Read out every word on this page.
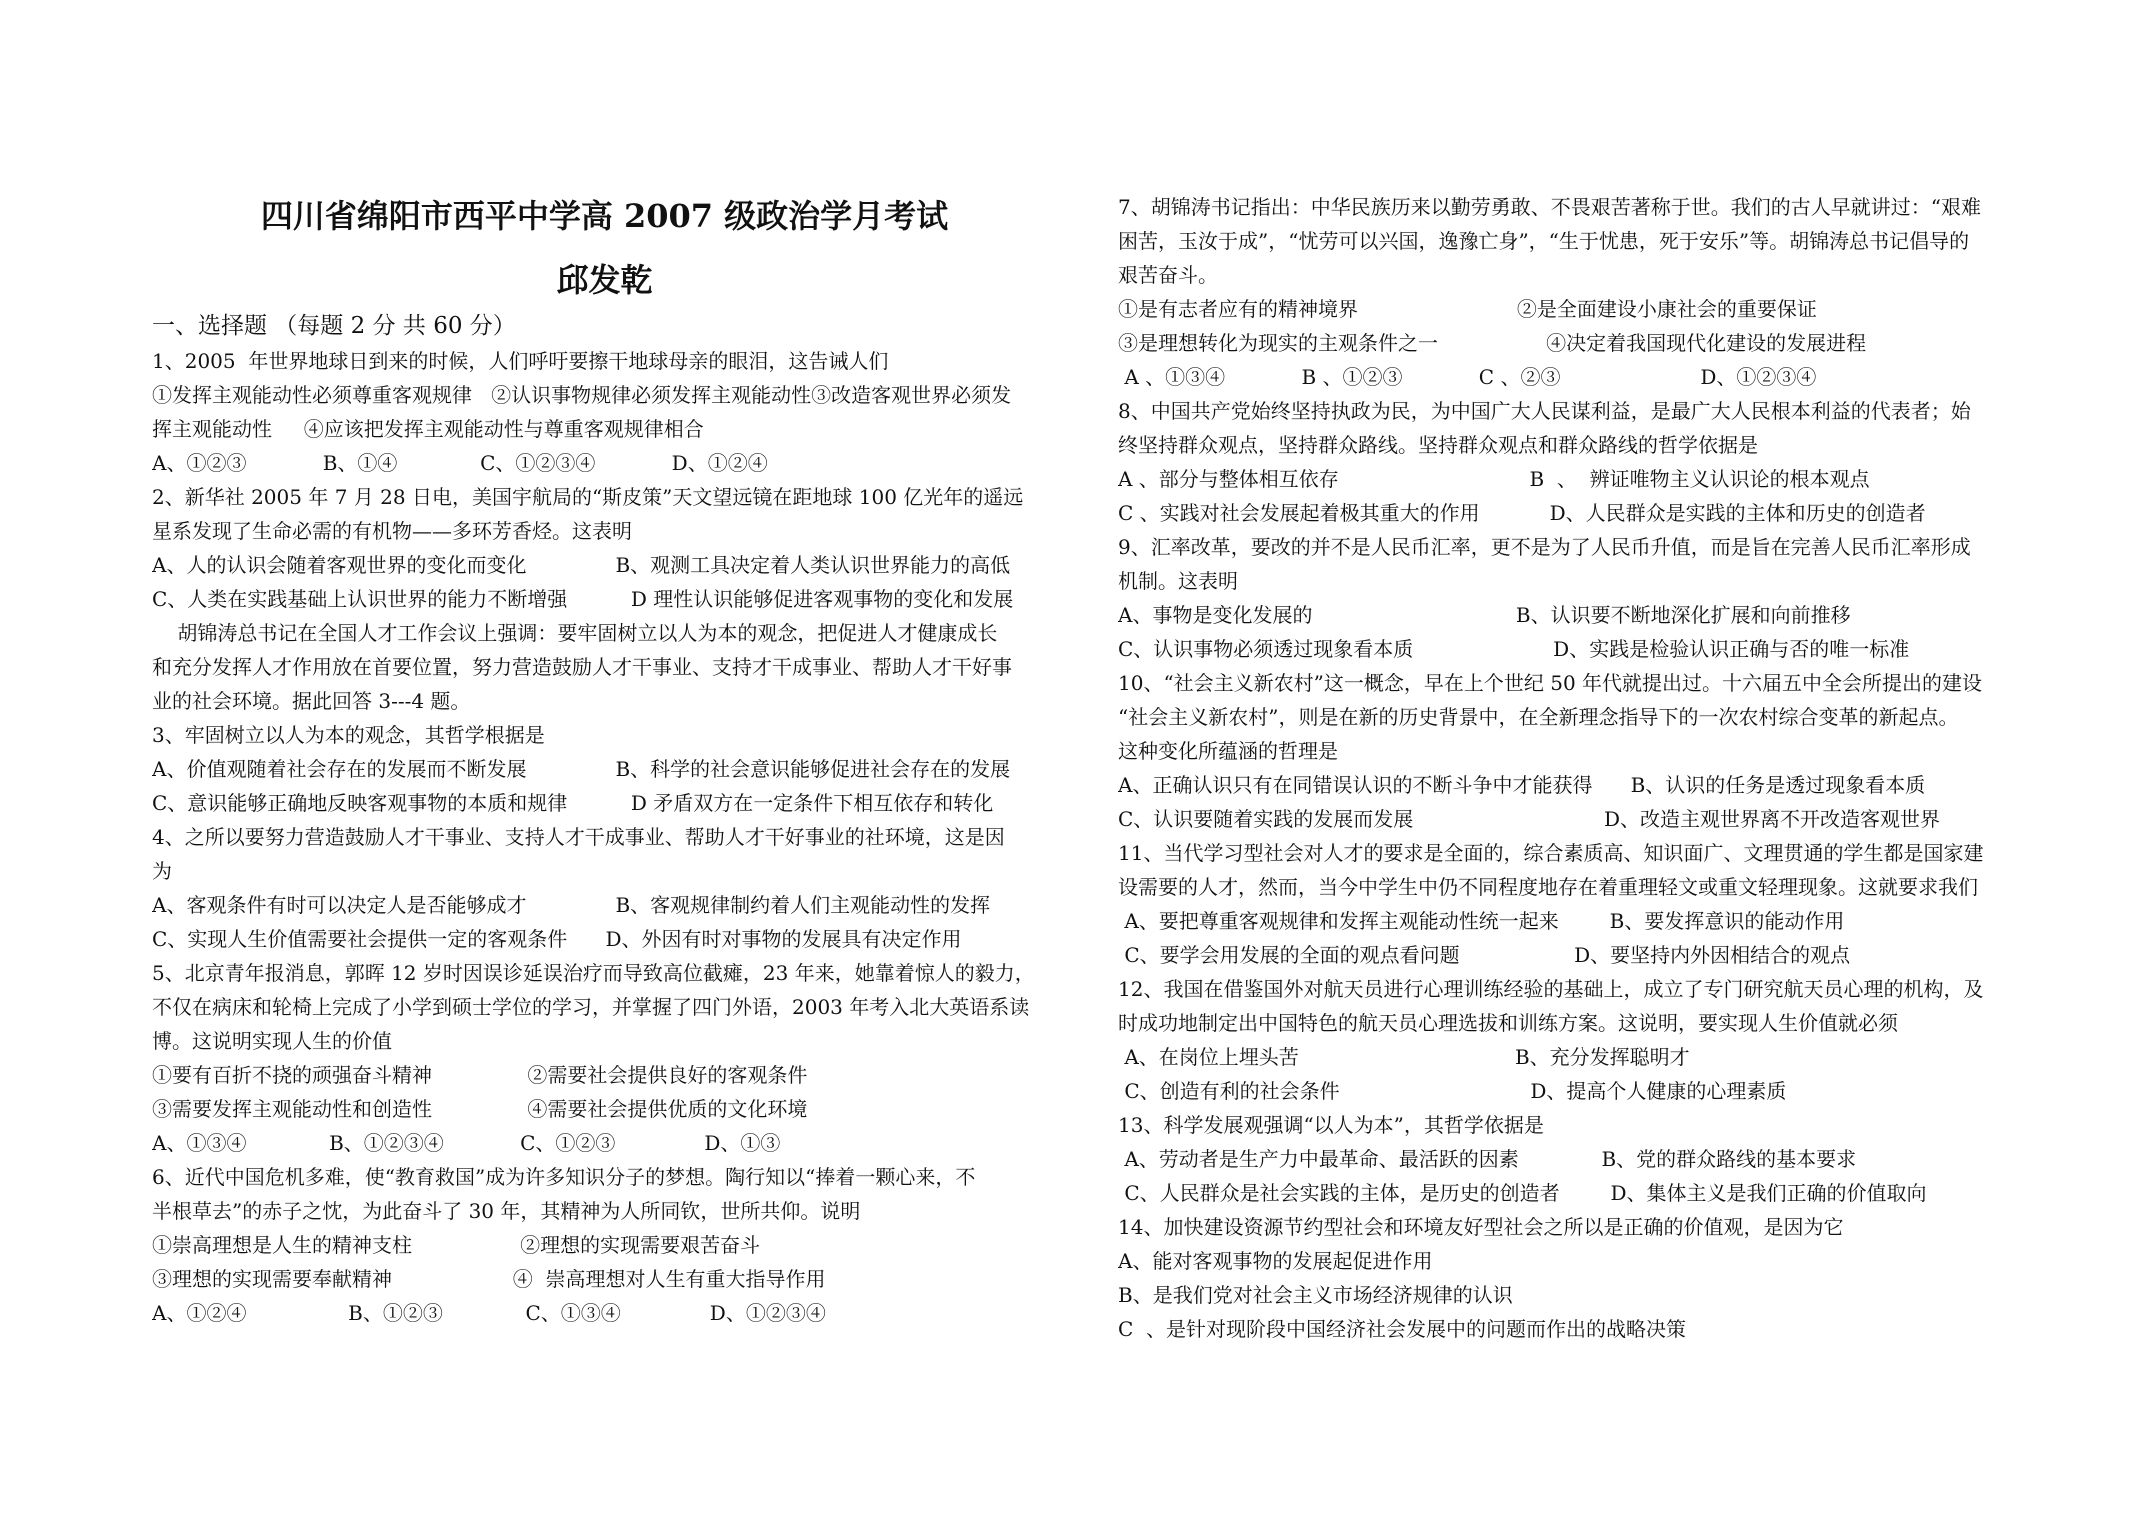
四川省绵阳市西平中学高 2007 级政治学月考试
邱发乾
一、选择题 （每题 2 分 共 60 分）
1、2005  年世界地球日到来的时候，人们呼吁要擦干地球母亲的眼泪，这告诫人们
①发挥主观能动性必须尊重客观规律   ②认识事物规律必须发挥主观能动性③改造客观世界必须发
挥主观能动性     ④应该把发挥主观能动性与尊重客观规律相合
A、①②③            B、①④             C、①②③④            D、①②④
2、新华社 2005 年 7 月 28 日电，美国宇航局的“斯皮策”天文望远镜在距地球 100 亿光年的遥远
星系发现了生命必需的有机物——多环芳香烃。这表明
A、人的认识会随着客观世界的变化而变化              B、观测工具决定着人类认识世界能力的高低
C、人类在实践基础上认识世界的能力不断增强          D 理性认识能够促进客观事物的变化和发展
胡锦涛总书记在全国人才工作会议上强调：要牢固树立以人为本的观念，把促进人才健康成长
和充分发挥人才作用放在首要位置，努力营造鼓励人才干事业、支持才干成事业、帮助人才干好事
业的社会环境。据此回答 3---4 题。
3、牢固树立以人为本的观念，其哲学根据是
A、价值观随着社会存在的发展而不断发展              B、科学的社会意识能够促进社会存在的发展
C、意识能够正确地反映客观事物的本质和规律          D 矛盾双方在一定条件下相互依存和转化
4、之所以要努力营造鼓励人才干事业、支持人才干成事业、帮助人才干好事业的社环境，这是因
为
A、客观条件有时可以决定人是否能够成才              B、客观规律制约着人们主观能动性的发挥
C、实现人生价值需要社会提供一定的客观条件      D、外因有时对事物的发展具有决定作用
5、北京青年报消息，郭晖 12 岁时因误诊延误治疗而导致高位截瘫，23 年来，她靠着惊人的毅力，
不仅在病床和轮椅上完成了小学到硕士学位的学习，并掌握了四门外语，2003 年考入北大英语系读
博。这说明实现人生的价值
①要有百折不挠的顽强奋斗精神               ②需要社会提供良好的客观条件
③需要发挥主观能动性和创造性               ④需要社会提供优质的文化环境
A、①③④             B、①②③④            C、①②③              D、①③
6、近代中国危机多难，使“教育救国”成为许多知识分子的梦想。陶行知以“捧着一颗心来，不
半根草去”的赤子之忱，为此奋斗了 30 年，其精神为人所同钦，世所共仰。说明
①崇高理想是人生的精神支柱                 ②理想的实现需要艰苦奋斗
③理想的实现需要奉献精神                   ④  崇高理想对人生有重大指导作用
A、①②④                B、①②③             C、①③④              D、①②③④
7、胡锦涛书记指出：中华民族历来以勤劳勇敢、不畏艰苦著称于世。我们的古人早就讲过：“艰难
困苦，玉汝于成”，“忧劳可以兴国，逸豫亡身”，“生于忧患，死于安乐”等。胡锦涛总书记倡导的
艰苦奋斗。
①是有志者应有的精神境界                         ②是全面建设小康社会的重要保证
③是理想转化为现实的主观条件之一                 ④决定着我国现代化建设的发展进程
A 、①③④            B 、①②③            C 、②③                      D、①②③④
8、中国共产党始终坚持执政为民，为中国广大人民谋利益，是最广大人民根本利益的代表者；始
终坚持群众观点，坚持群众路线。坚持群众观点和群众路线的哲学依据是
A 、部分与整体相互依存                              B  、  辨证唯物主义认识论的根本观点
C 、实践对社会发展起着极其重大的作用           D、人民群众是实践的主体和历史的创造者
9、汇率改革，要改的并不是人民币汇率，更不是为了人民币升值，而是旨在完善人民币汇率形成
机制。这表明
A、事物是变化发展的                                B、认识要不断地深化扩展和向前推移
C、认识事物必须透过现象看本质                      D、实践是检验认识正确与否的唯一标准
10、“社会主义新农村”这一概念，早在上个世纪 50 年代就提出过。十六届五中全会所提出的建设
“社会主义新农村”，则是在新的历史背景中，在全新理念指导下的一次农村综合变革的新起点。
这种变化所蕴涵的哲理是
A、正确认识只有在同错误认识的不断斗争中才能获得      B、认识的任务是透过现象看本质
C、认识要随着实践的发展而发展                              D、改造主观世界离不开改造客观世界
11、当代学习型社会对人才的要求是全面的，综合素质高、知识面广、文理贯通的学生都是国家建
设需要的人才，然而，当今中学生中仍不同程度地存在着重理轻文或重文轻理现象。这就要求我们
A、要把尊重客观规律和发挥主观能动性统一起来        B、要发挥意识的能动作用
C、要学会用发展的全面的观点看问题                  D、要坚持内外因相结合的观点
12、我国在借鉴国外对航天员进行心理训练经验的基础上，成立了专门研究航天员心理的机构，及
时成功地制定出中国特色的航天员心理选拔和训练方案。这说明，要实现人生价值就必须
A、在岗位上埋头苦                                  B、充分发挥聪明才
C、创造有利的社会条件                              D、提高个人健康的心理素质
13、科学发展观强调“以人为本”，其哲学依据是
A、劳动者是生产力中最革命、最活跃的因素             B、党的群众路线的基本要求
C、人民群众是社会实践的主体，是历史的创造者        D、集体主义是我们正确的价值取向
14、加快建设资源节约型社会和环境友好型社会之所以是正确的价值观，是因为它
A、能对客观事物的发展起促进作用
B、是我们党对社会主义市场经济规律的认识
C  、是针对现阶段中国经济社会发展中的问题而作出的战略决策
